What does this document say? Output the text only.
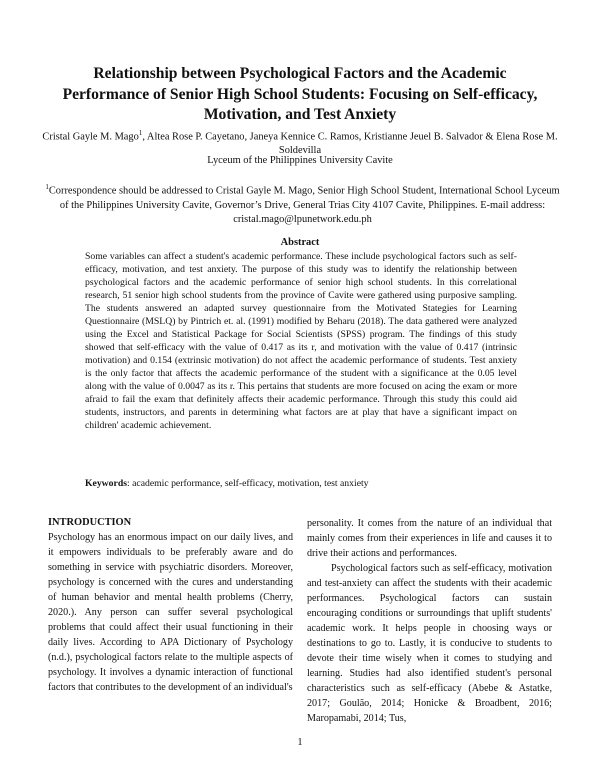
Relationship between Psychological Factors and the Academic Performance of Senior High School Students: Focusing on Self-efficacy, Motivation, and Test Anxiety
Cristal Gayle M. Mago$^1$, Altea Rose P. Cayetano, Janeya Kennice C. Ramos, Kristianne Jeuel B. Salvador & Elena Rose M. Soldevilla
Lyceum of the Philippines University Cavite
$^1$Correspondence should be addressed to Cristal Gayle M. Mago, Senior High School Student, International School Lyceum of the Philippines University Cavite, Governor’s Drive, General Trias City 4107 Cavite, Philippines. E-mail address: cristal.mago@lpunetwork.edu.ph
Abstract
Some variables can affect a student's academic performance. These include psychological factors such as self-efficacy, motivation, and test anxiety. The purpose of this study was to identify the relationship between psychological factors and the academic performance of senior high school students. In this correlational research, 51 senior high school students from the province of Cavite were gathered using purposive sampling. The students answered an adapted survey questionnaire from the Motivated Stategies for Learning Questionnaire (MSLQ) by Pintrich et. al. (1991) modified by Beharu (2018). The data gathered were analyzed using the Excel and Statistical Package for Social Scientists (SPSS) program. The findings of this study showed that self-efficacy with the value of 0.417 as its r, and motivation with the value of 0.417 (intrinsic motivation) and 0.154 (extrinsic motivation) do not affect the academic performance of students. Test anxiety is the only factor that affects the academic performance of the student with a significance at the 0.05 level along with the value of 0.0047 as its r. This pertains that students are more focused on acing the exam or more afraid to fail the exam that definitely affects their academic performance. Through this study this could aid students, instructors, and parents in determining what factors are at play that have a significant impact on children' academic achievement.
Keywords: academic performance, self-efficacy, motivation, test anxiety
INTRODUCTION

Psychology has an enormous impact on our daily lives, and it empowers individuals to be preferably aware and do something in service with psychiatric disorders. Moreover, psychology is concerned with the cures and understanding of human behavior and mental health problems (Cherry, 2020.). Any person can suffer several psychological problems that could affect their usual functioning in their daily lives. According to APA Dictionary of Psychology (n.d.), psychological factors relate to the multiple aspects of psychology. It involves a dynamic interaction of functional factors that contributes to the development of an individual's

personality. It comes from the nature of an individual that mainly comes from their experiences in life and causes it to drive their actions and performances.

Psychological factors such as self-efficacy, motivation and test-anxiety can affect the students with their academic performances. Psychological factors can sustain encouraging conditions or surroundings that uplift students' academic work. It helps people in choosing ways or destinations to go to. Lastly, it is conducive to students to devote their time wisely when it comes to studying and learning. Studies had also identified student's personal characteristics such as self-efficacy (Abebe & Astatke, 2017; Goulão, 2014; Honicke & Broadbent, 2016; Maropamabi, 2014; Tus,

1
